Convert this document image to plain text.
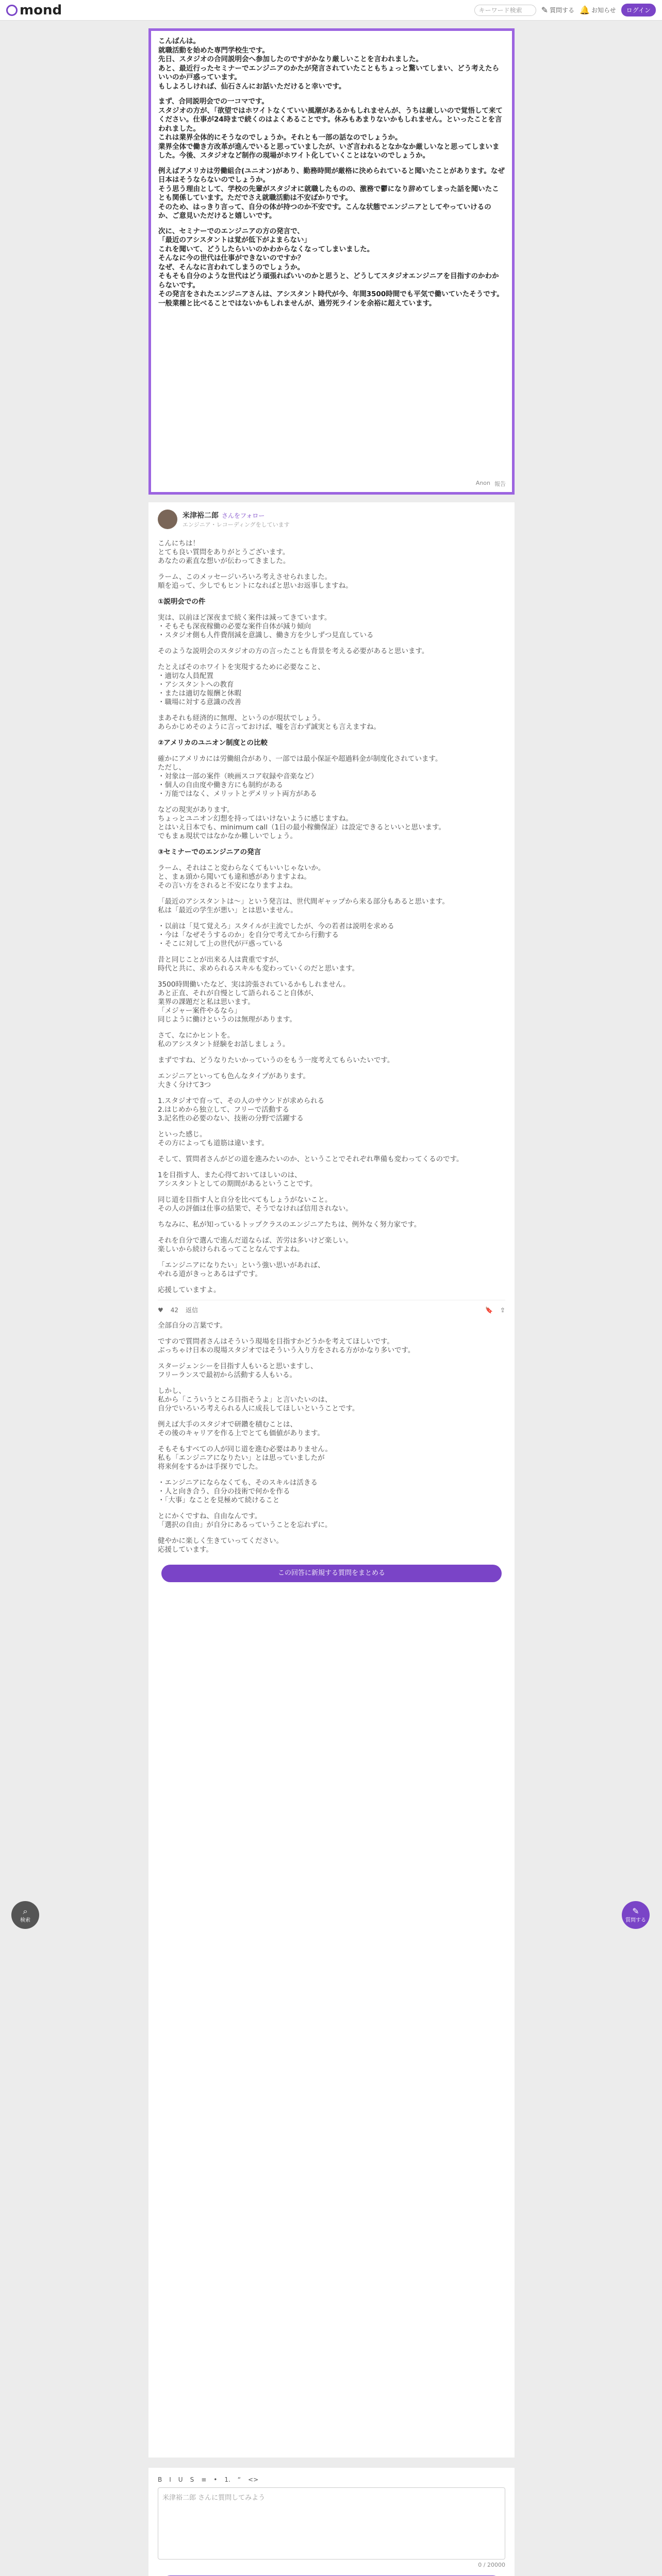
mond	キーワード検索 ✎ 質問する 🔔 お知らせ	ログイン

こんばんは。

就職活動を始めた専門学校生です。

先日、スタジオの合同説明会へ参加したのですがかなり厳しいことを言われました。

あと、最近行ったセミナーでエンジニアのかたが発言されていたこともちょっと驚いてしまい、どう考えたらいいのか戸惑っています。

もしよろしければ、仙石さんにお話いただけると幸いです。

まず、合同説明会での一コマです。

スタジオの方が、「欲望ではホワイトなくていい風潮があるかもしれませんが、うちは厳しいので覚悟して来てください。仕事が24時まで続くのはよくあることです。休みもあまりないかもしれません。といったことを言われました。

これは業界全体的にそうなのでしょうか。それとも一部の話なのでしょうか。

業界全体で働き方改革が進んでいると思っていましたが、いざ言われるとなかなか厳しいなと思ってしまいました。今後、スタジオなど制作の現場がホワイト化していくことはないのでしょうか。

例えばアメリカは労働組合(ユニオン)があり、勤務時間が厳格に決められていると聞いたことがあります。なぜ日本はそうならないのでしょうか。

そう思う理由として、学校の先輩がスタジオに就職したものの、激務で鬱になり辞めてしまった話を聞いたことも関係しています。ただでさえ就職活動は不安ばかりです。

そのため、はっきり言って、自分の体が持つのか不安です。こんな状態でエンジニアとしてやっていけるのか、ご意見いただけると嬉しいです。

次に、セミナーでのエンジニアの方の発言で、

「最近のアシスタントは覚が低下がよまらない」

これを聞いて、どうしたらいいのかわからなくなってしまいました。

そんなに今の世代は仕事ができないのですか？

なぜ、そんなに言われてしまうのでしょうか。

そもそも自分のような世代はどう頑張ればいいのかと思うと、どうしてスタジオエンジニアを目指すのかわからないです。

その発言をされたエンジニアさんは、アシスタント時代が今、年間3500時間でも平気で働いていたそうです。

一般業種と比べることではないかもしれませんが、過労死ラインを余裕に超えています。

Anon 報告
米津裕二郎 さんをフォロー
エンジニア・レコーディングをしています

こんにちは！

とても良い質問をありがとうございます。

あなたの素直な想いが伝わってきました。

ラーム、このメッセージいろいろ考えさせられました。

順を追って、少しでもヒントになればと思いお返事しますね。

①説明会での件

実は、以前ほど深夜まで続く案件は減ってきています。

・そもそも深夜稼働の必要な案件自体が減り傾向

・スタジオ側も人件費削減を意識し、働き方を少しずつ見直している

そのような説明会のスタジオの方の言ったことも背景を考える必要があると思います。

たとえばそのホワイトを実現するために必要なこと、

・適切な人員配置

・アシスタントへの教育

・または適切な報酬と休暇

・職場に対する意識の改善

まあそれも経済的に無理、というのが現状でしょう。

あらかじめそのように言っておけば、嘘を言わず誠実とも言えますね。

②アメリカのユニオン制度との比較

確かにアメリカには労働組合があり、一部では最小保証や超過料金が制度化されています。

ただし、

・対象は一部の案件（映画スコア収録や音楽など）

・個人の自由度や働き方にも制約がある

・万能ではなく、メリットとデメリット両方がある

などの現実があります。

ちょっとユニオン幻想を持ってはいけないように感じますね。

とはいえ日本でも、minimum call（1日の最小稼働保証）は設定できるといいと思います。

でもまぁ現状ではなかなか難しいでしょう。

③セミナーでのエンジニアの発言

ラーム、それはこと変わらなくてもいいじゃないか。

と、まぁ頭から聞いても違和感がありますよね。

その言い方をされると不安になりますよね。

「最近のアシスタントは～」という発言は、世代間ギャップから来る部分もあると思います。

私は「最近の学生が悪い」とは思いません。

・以前は「見て覚えろ」スタイルが主流でしたが、今の若者は説明を求める

・今は「なぜそうするのか」を自分で考えてから行動する

・そこに対して上の世代が戸惑っている

昔と同じことが出来る人は貴重ですが、

時代と共に、求められるスキルも変わっていくのだと思います。

3500時間働いたなど、実は誇張されているかもしれません。

あと正直、それが自慢として語られること自体が、

業界の課題だと私は思います。

「メジャー案件やるなら」

同じように働けというのは無理があります。

さて、なにかヒントを。

私のアシスタント経験をお話しましょう。

まずですね、どうなりたいかっていうのをもう一度考えてもらいたいです。

エンジニアといっても色んなタイプがあります。

大きく分けて3つ

1.スタジオで育って、その人のサウンドが求められる

2.はじめから独立して、フリーで活動する

3.記名性の必要のない、技術の分野で活躍する

といった感じ。

その方によっても道筋は違います。

そして、質問者さんがどの道を進みたいのか、ということでそれぞれ準備も変わってくるのです。

1を目指す人、また心得ておいてほしいのは、

アシスタントとしての期間があるということです。

同じ道を目指す人と自分を比べてもしょうがないこと。

その人の評価は仕事の結果で、そうでなければ信用されない。

ちなみに、私が知っているトップクラスのエンジニアたちは、例外なく努力家です。

それを自分で選んで進んだ道ならば、苦労は多いけど楽しい。

楽しいから続けられるってことなんですよね。

「エンジニアになりたい」という強い思いがあれば、

やれる道がきっとあるはずです。

応援していますよ。

♥ 42 返信	🔖 ⇪

全部自分の言葉です。

ですので質問者さんはそういう現場を目指すかどうかを考えてほしいです。

ぶっちゃけ日本の現場スタジオではそういう入り方をされる方がかなり多いです。

スタージェンシーを目指す人もいると思いますし、

フリーランスで最初から活動する人もいる。

しかし、

私から「こういうところ目指そうよ」と言いたいのは、

自分でいろいろ考えられる人に成長してほしいということです。

例えば大手のスタジオで研鑽を積むことは、

その後のキャリアを作る上でとても価値があります。

そもそもすべての人が同じ道を進む必要はありません。

私も「エンジニアになりたい」とは思っていましたが

将来何をするかは手探りでした。

・エンジニアにならなくても、そのスキルは活きる

・人と向き合う、自分の技術で何かを作る

・「大事」なことを見極めて続けること

とにかくですね、自由なんです。

「選択の自由」が自分にあるっていうことを忘れずに。

健やかに楽しく生きていってください。

応援しています。

この回答に新規する質問をまとめる
B I U S ≡ • 1. “ <>
米津裕二郎 さんに質問してみよう
0 / 20000

⌕
検索
✎
質問する
